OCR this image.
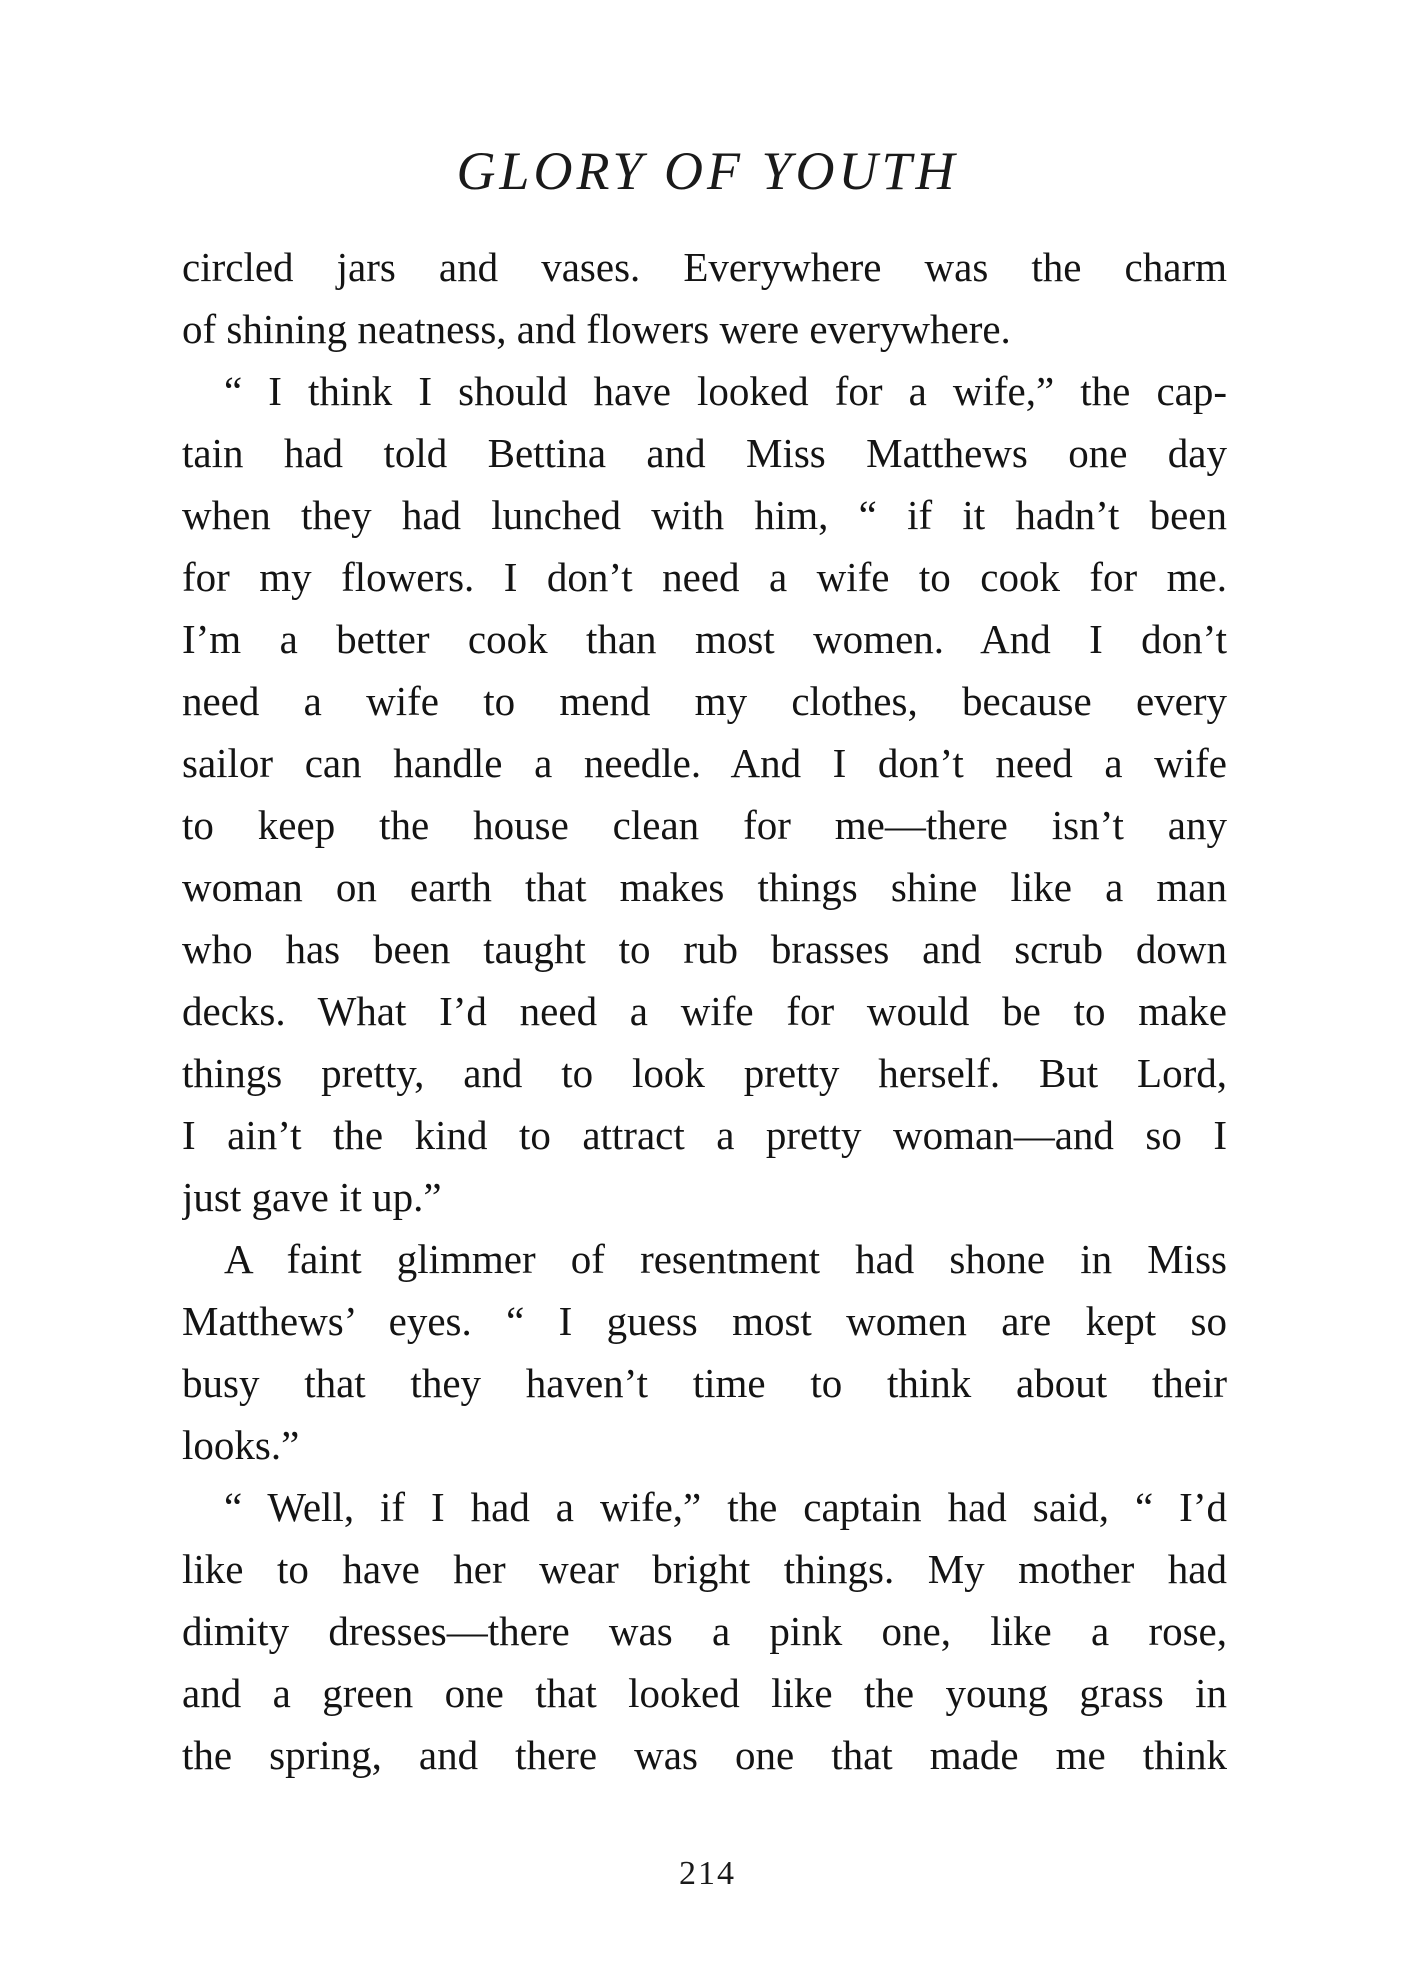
GLORY OF YOUTH
circled jars and vases. Everywhere was the charm
of shining neatness, and flowers were everywhere.
“ I think I should have looked for a wife,” the cap-
tain had told Bettina and Miss Matthews one day
when they had lunched with him, “ if it hadn’t been
for my flowers. I don’t need a wife to cook for me.
I’m a better cook than most women. And I don’t
need a wife to mend my clothes, because every
sailor can handle a needle. And I don’t need a wife
to keep the house clean for me—there isn’t any
woman on earth that makes things shine like a man
who has been taught to rub brasses and scrub down
decks. What I’d need a wife for would be to make
things pretty, and to look pretty herself. But Lord,
I ain’t the kind to attract a pretty woman—and so I
just gave it up.”
A faint glimmer of resentment had shone in Miss
Matthews’ eyes. “ I guess most women are kept so
busy that they haven’t time to think about their
looks.”
“ Well, if I had a wife,” the captain had said, “ I’d
like to have her wear bright things. My mother had
dimity dresses—there was a pink one, like a rose,
and a green one that looked like the young grass in
the spring, and there was one that made me think
214
